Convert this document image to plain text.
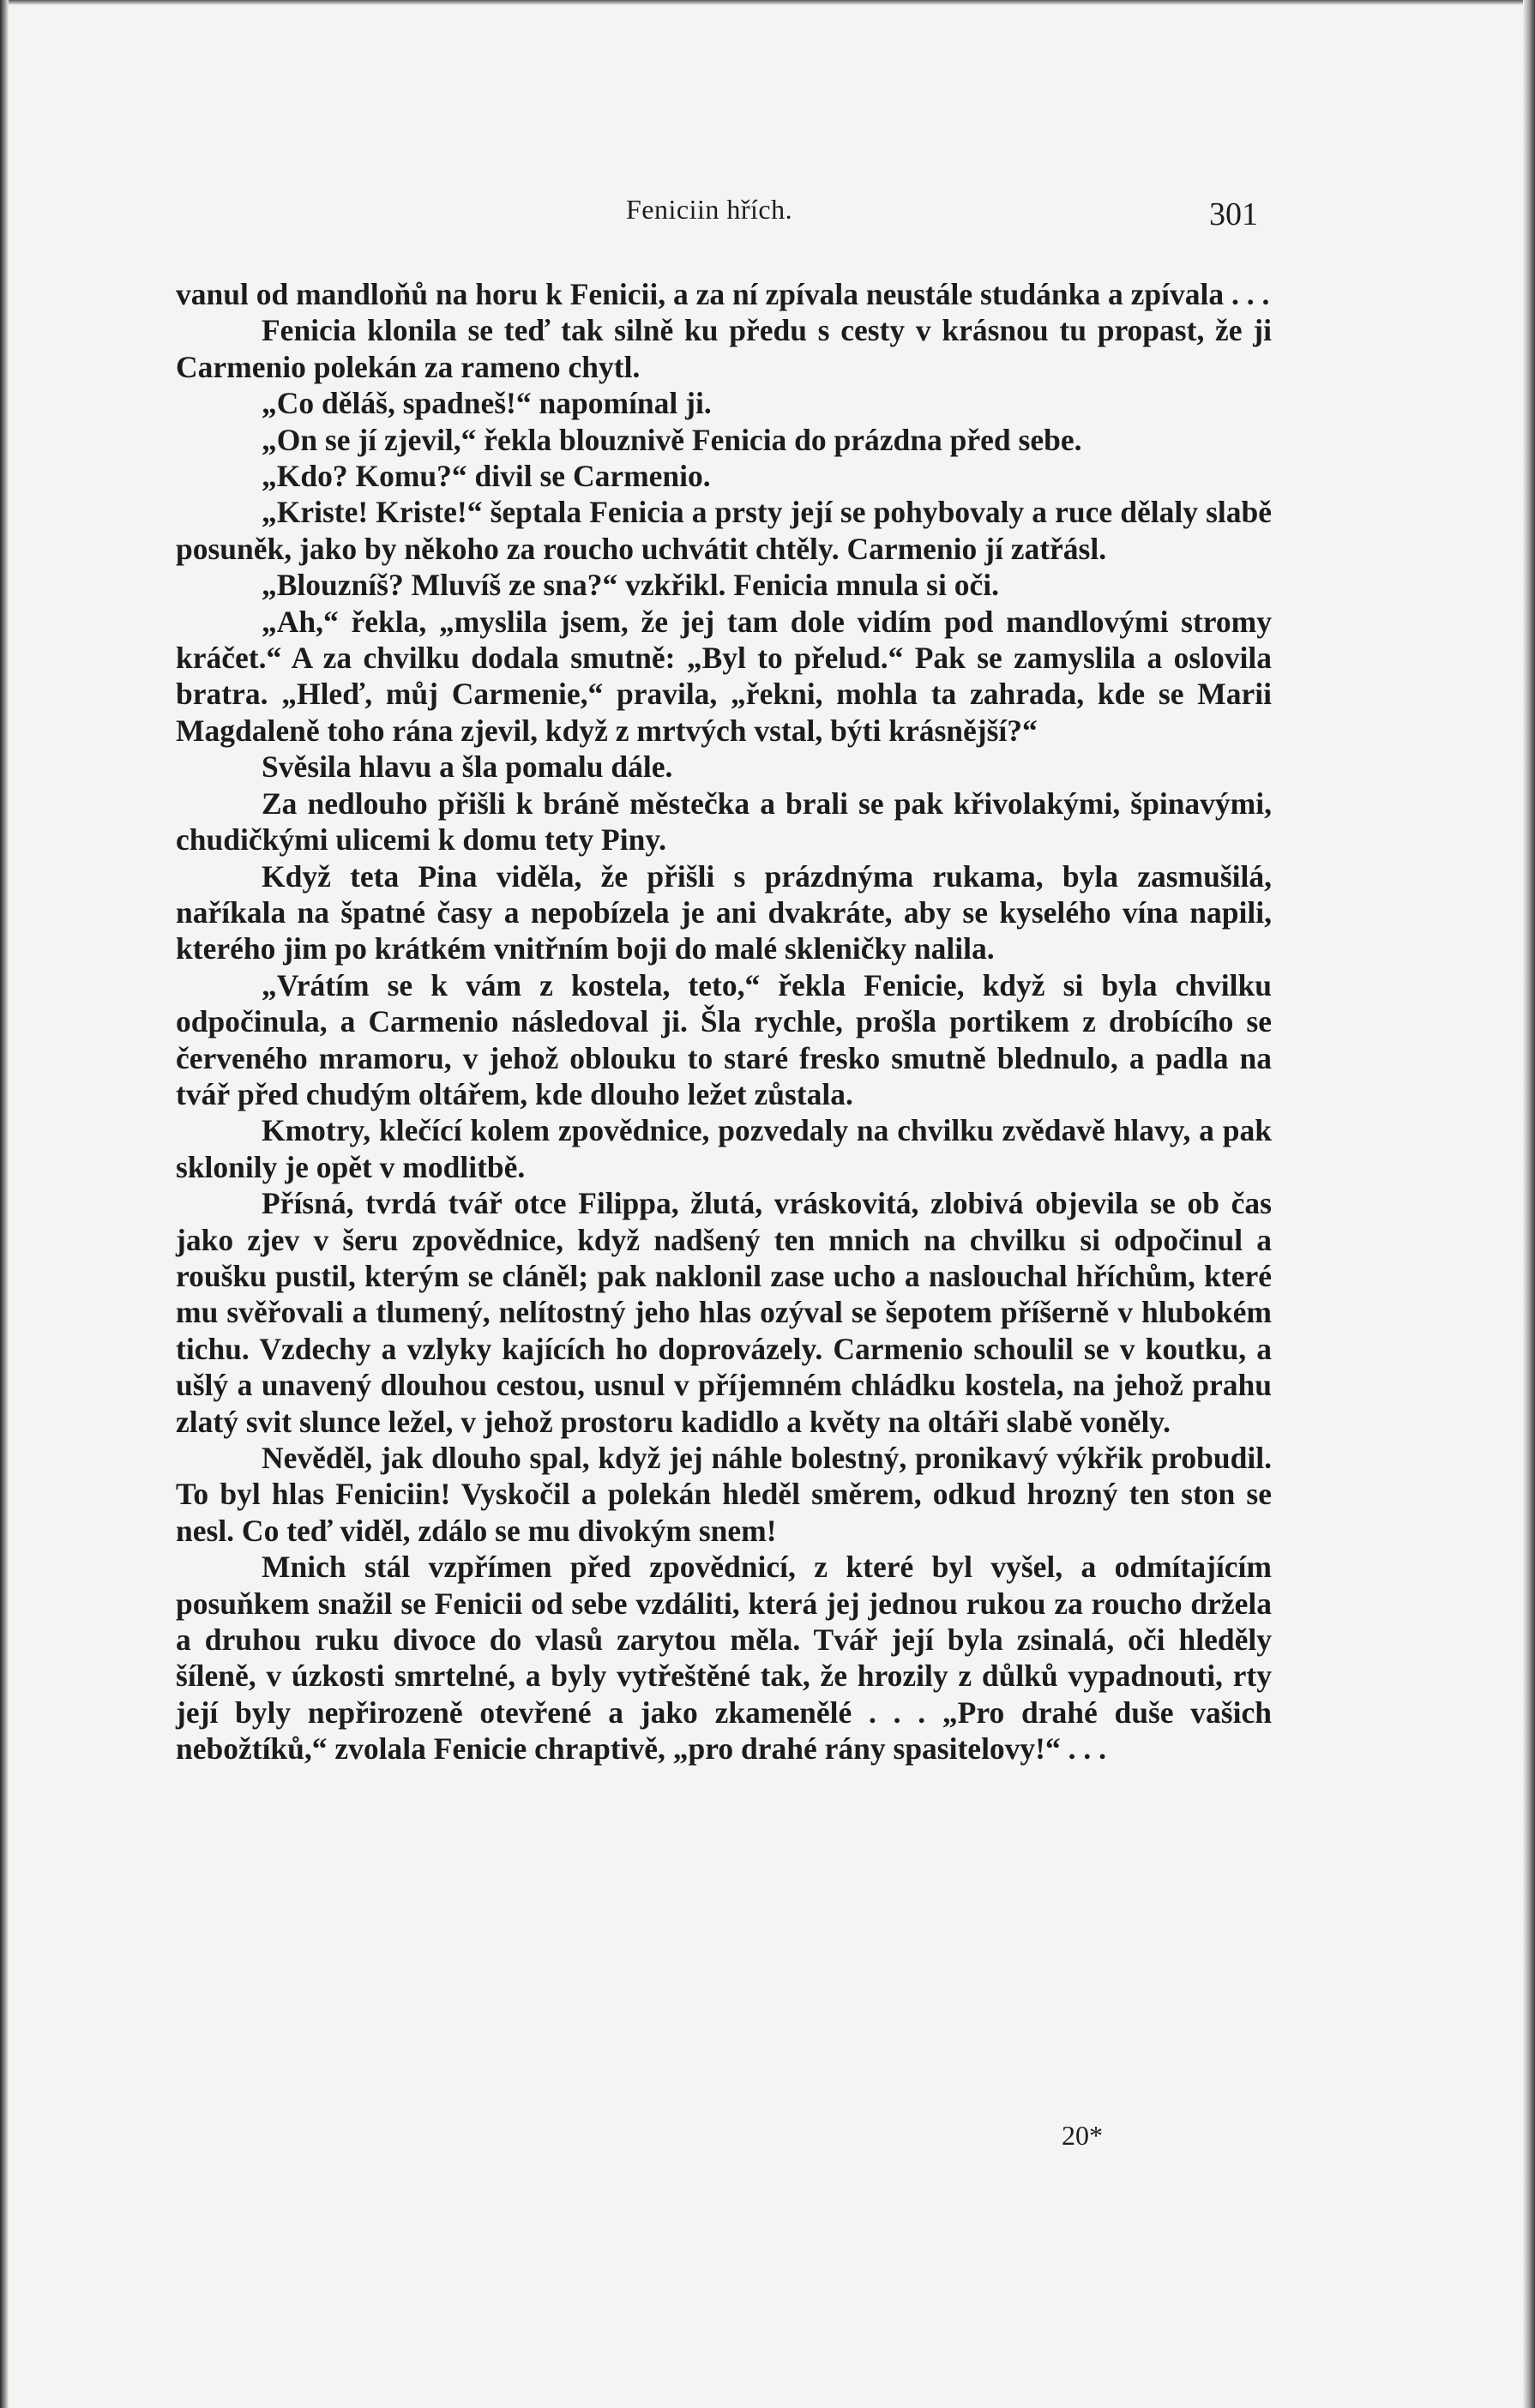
Feniciin hřích.	301

vanul od mandloňů na horu k Fenicii, a za ní zpívala neustále studánka a zpívala . . .

Fenicia klonila se teď tak silně ku předu s cesty v krásnou tu propast, že ji Carmenio polekán za rameno chytl.

„Co děláš, spadneš!“ napomínal ji.

„On se jí zjevil,“ řekla blouznivě Fenicia do prázdna před sebe.

„Kdo? Komu?“ divil se Carmenio.

„Kriste! Kriste!“ šeptala Fenicia a prsty její se pohybovaly a ruce dělaly slabě posuněk, jako by někoho za roucho uchvátit chtěly. Carmenio jí zatřásl.

„Blouzníš? Mluvíš ze sna?“ vzkřikl. Fenicia mnula si oči.

„Ah,“ řekla, „myslila jsem, že jej tam dole vidím pod mandlovými stromy kráčet.“ A za chvilku dodala smutně: „Byl to přelud.“ Pak se zamyslila a oslovila bratra. „Hleď, můj Carmenie,“ pravila, „řekni, mohla ta zahrada, kde se Marii Magdaleně toho rána zjevil, když z mrtvých vstal, býti krásnější?“

Svěsila hlavu a šla pomalu dále.

Za nedlouho přišli k bráně městečka a brali se pak křivolakými, špinavými, chudičkými ulicemi k domu tety Piny.

Když teta Pina viděla, že přišli s prázdnýma rukama, byla zasmušilá, naříkala na špatné časy a nepobízela je ani dvakráte, aby se kyselého vína napili, kterého jim po krátkém vnitřním boji do malé skleničky nalila.

„Vrátím se k vám z kostela, teto,“ řekla Fenicie, když si byla chvilku odpočinula, a Carmenio následoval ji. Šla rychle, prošla portikem z drobícího se červeného mramoru, v jehož oblouku to staré fresko smutně blednulo, a padla na tvář před chudým oltářem, kde dlouho ležet zůstala.

Kmotry, klečící kolem zpovědnice, pozvedaly na chvilku zvědavě hlavy, a pak sklonily je opět v modlitbě.

Přísná, tvrdá tvář otce Filippa, žlutá, vráskovitá, zlobivá objevila se ob čas jako zjev v šeru zpovědnice, když nadšený ten mnich na chvilku si odpočinul a roušku pustil, kterým se cláněl; pak naklonil zase ucho a naslouchal hříchům, které mu svěřovali a tlumený, nelítostný jeho hlas ozýval se šepotem příšerně v hlubokém tichu. Vzdechy a vzlyky kajících ho doprovázely. Carmenio schoulil se v koutku, a ušlý a unavený dlouhou cestou, usnul v příjemném chládku kostela, na jehož prahu zlatý svit slunce ležel, v jehož prostoru kadidlo a květy na oltáři slabě voněly.

Nevěděl, jak dlouho spal, když jej náhle bolestný, pronikavý výkřik probudil. To byl hlas Feniciin! Vyskočil a polekán hleděl směrem, odkud hrozný ten ston se nesl. Co teď viděl, zdálo se mu divokým snem!

Mnich stál vzpřímen před zpovědnicí, z které byl vyšel, a odmítajícím posuňkem snažil se Fenicii od sebe vzdáliti, která jej jednou rukou za roucho držela a druhou ruku divoce do vlasů zarytou měla. Tvář její byla zsinalá, oči hleděly šíleně, v úzkosti smrtelné, a byly vytřeštěné tak, že hrozily z důlků vypadnouti, rty její byly nepřirozeně otevřené a jako zkamenělé . . . „Pro drahé duše vašich nebožtíků,“ zvolala Fenicie chraptivě, „pro drahé rány spasitelovy!“ . . .

20*
